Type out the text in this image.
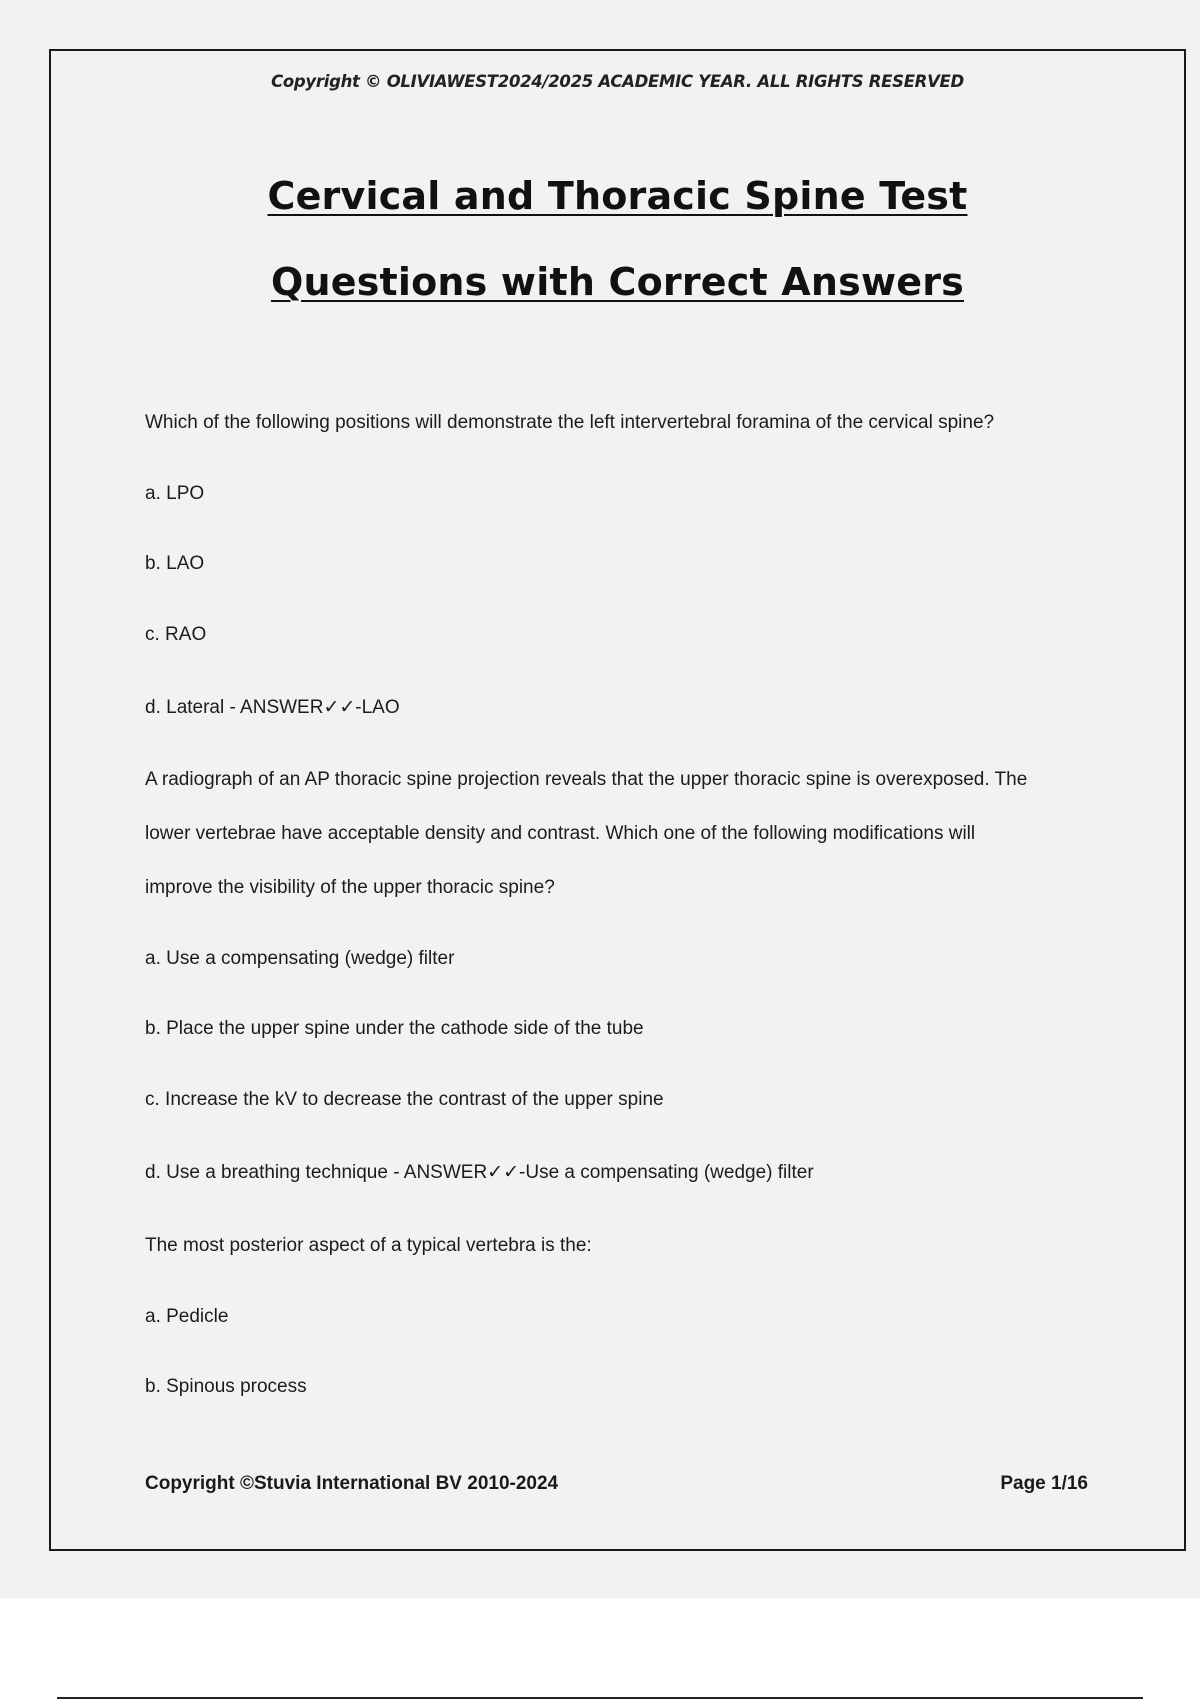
Copyright © OLIVIAWEST2024/2025 ACADEMIC YEAR. ALL RIGHTS RESERVED
Cervical and Thoracic Spine Test
Questions with Correct Answers
Which of the following positions will demonstrate the left intervertebral foramina of the cervical spine?
a. LPO
b. LAO
c. RAO
d. Lateral - ANSWER✓✓-LAO
A radiograph of an AP thoracic spine projection reveals that the upper thoracic spine is overexposed. The
lower vertebrae have acceptable density and contrast. Which one of the following modifications will
improve the visibility of the upper thoracic spine?
a. Use a compensating (wedge) filter
b. Place the upper spine under the cathode side of the tube
c. Increase the kV to decrease the contrast of the upper spine
d. Use a breathing technique - ANSWER✓✓-Use a compensating (wedge) filter
The most posterior aspect of a typical vertebra is the:
a. Pedicle
b. Spinous process
Copyright ©Stuvia International BV 2010-2024	Page 1/16
